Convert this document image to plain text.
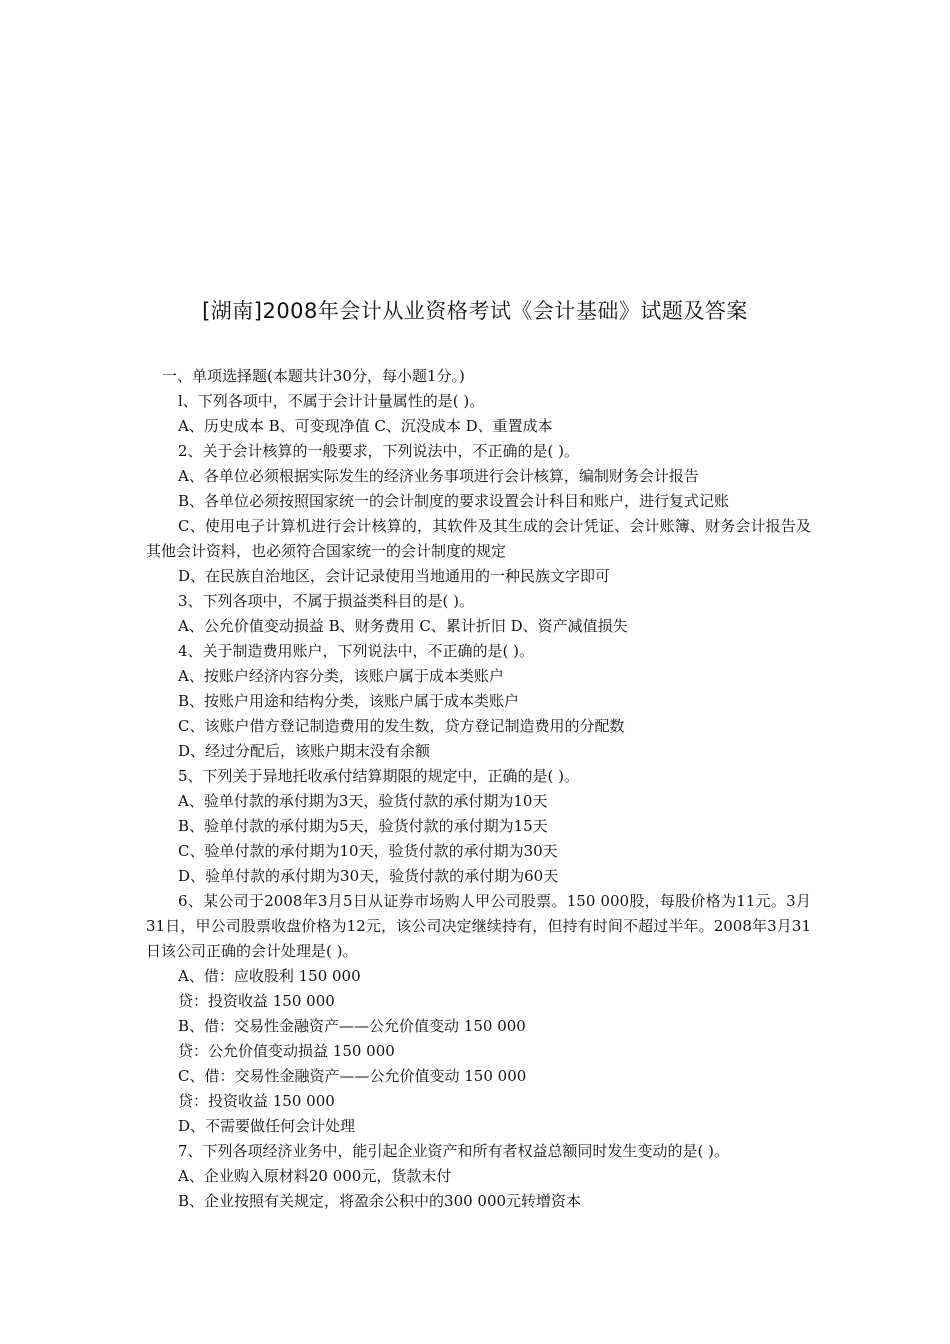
[湖南]2008年会计从业资格考试《会计基础》试题及答案
一、单项选择题(本题共计30分，每小题1分。)
l、下列各项中，不属于会计计量属性的是( )。
A、历史成本 B、可变现净值 C、沉没成本 D、重置成本
2、关于会计核算的一般要求，下列说法中，不正确的是( )。
A、各单位必须根据实际发生的经济业务事项进行会计核算，编制财务会计报告
B、各单位必须按照国家统一的会计制度的要求设置会计科目和账户，进行复式记账
C、使用电子计算机进行会计核算的，其软件及其生成的会计凭证、会计账簿、财务会计报告及其他会计资料，也必须符合国家统一的会计制度的规定
D、在民族自治地区，会计记录使用当地通用的一种民族文字即可
3、下列各项中，不属于损益类科目的是( )。
A、公允价值变动损益 B、财务费用 C、累计折旧 D、资产减值损失
4、关于制造费用账户，下列说法中，不正确的是( )。
A、按账户经济内容分类，该账户属于成本类账户
B、按账户用途和结构分类，该账户属于成本类账户
C、该账户借方登记制造费用的发生数，贷方登记制造费用的分配数
D、经过分配后，该账户期末没有余额
5、下列关于异地托收承付结算期限的规定中，正确的是( )。
A、验单付款的承付期为3天，验货付款的承付期为10天
B、验单付款的承付期为5天，验货付款的承付期为15天
C、验单付款的承付期为10天，验货付款的承付期为30天
D、验单付款的承付期为30天，验货付款的承付期为60天
6、某公司于2008年3月5日从证券市场购人甲公司股票。150 000股，每股价格为11元。3月31日，甲公司股票收盘价格为12元，该公司决定继续持有，但持有时间不超过半年。2008年3月31日该公司正确的会计处理是( )。
A、借：应收股利 150 000
贷：投资收益 150 000
B、借：交易性金融资产——公允价值变动 150 000
贷：公允价值变动损益 150 000
C、借：交易性金融资产——公允价值变动 150 000
贷：投资收益 150 000
D、不需要做任何会计处理
7、下列各项经济业务中，能引起企业资产和所有者权益总额同时发生变动的是( )。
A、企业购入原材料20 000元，货款未付
B、企业按照有关规定，将盈余公积中的300 000元转增资本
